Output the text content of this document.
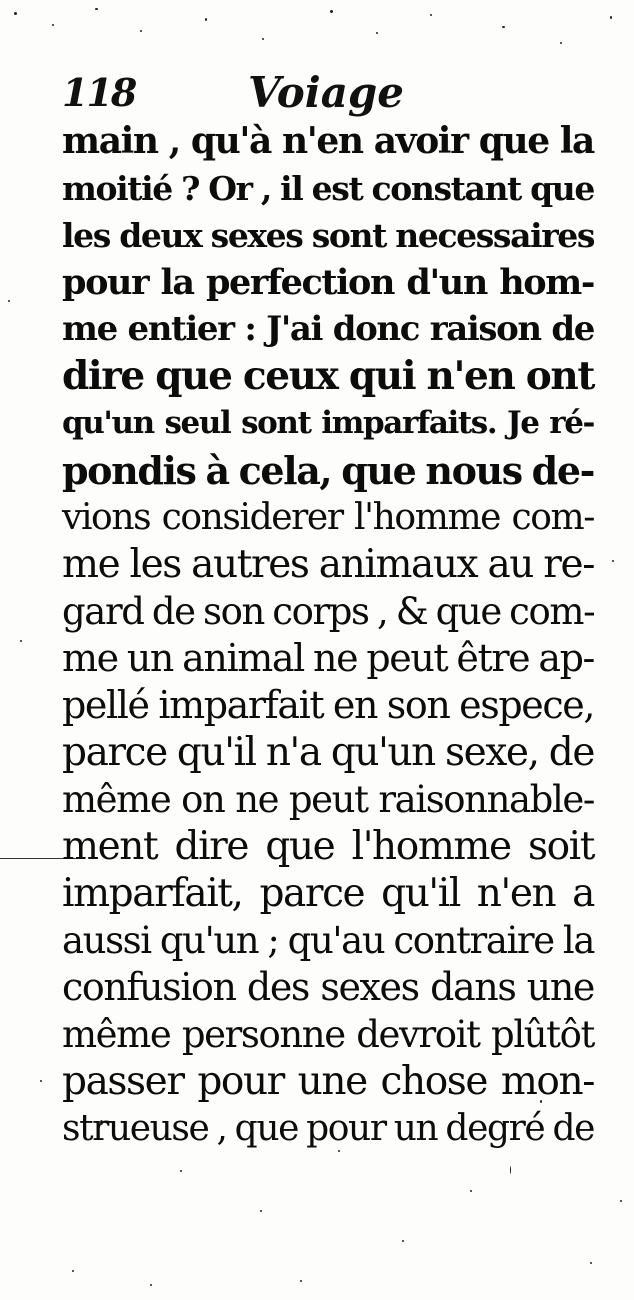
118	Voiage
main , qu'à n'en avoir que la
moitié ? Or , il est constant que
les deux sexes sont necessaires
pour la perfection d'un hom-
me entier : J'ai donc raison de
dire que ceux qui n'en ont
qu'un seul sont imparfaits. Je ré-
pondis à cela, que nous de-
vions considerer l'homme com-
me les autres animaux au re-
gard de son corps , & que com-
me un animal ne peut être ap-
pellé imparfait en son espece,
parce qu'il n'a qu'un sexe, de
même on ne peut raisonnable-
ment dire que l'homme soit
imparfait, parce qu'il n'en a
aussi qu'un ; qu'au contraire la
confusion des sexes dans une
même personne devroit plûtôt
passer pour une chose mon-
strueuse , que pour un degré de
